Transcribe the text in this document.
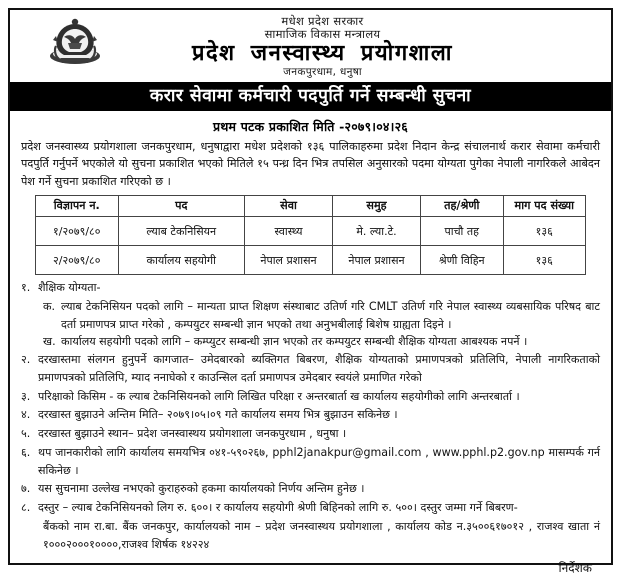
मधेश प्रदेश सरकार
सामाजिक विकास मन्त्रालय
प्रदेश जनस्वास्थ्य प्रयोगशाला
जनकपुरधाम, धनुषा
करार सेवामा कर्मचारी पदपुर्ति गर्ने सम्बन्धी सुचना
प्रथम पटक प्रकाशित मिति -२०७९।०४।२६
प्रदेश जनस्वास्थ्य प्रयोगशाला जनकपुरधाम, धनुषाद्वारा मधेश प्रदेशको १३६ पालिकाहरुमा प्रदेश निदान केन्द्र संचालनार्थ करार सेवामा कर्मचारी पदपुर्ति गर्नुपर्ने भएकोले यो सुचना प्रकाशित भएको मितिले १५ पन्ध्र दिन भित्र तपसिल अनुसारको पदमा योग्यता पुगेका नेपाली नागरिकले आबेदन पेश गर्ने सुचना प्रकाशित गरिएको छ ।
विज्ञापन न.	पद	सेवा	समुह	तह/श्रेणी	माग पद संख्या
१/२०७९/८०	ल्याब टेकनिसियन	स्वास्थ्य	मे. ल्या.टे.	पाचौ तह	१३६
२/२०७९/८०	कार्यालय सहयोगी	नेपाल प्रशासन	नेपाल प्रशासन	श्रेणी विहिन	१३६
१. शैक्षिक योग्यता-
क. ल्याब टेकनिसियन पदको लागि – मान्यता प्राप्त शिक्षण संस्थाबाट उतिर्ण गरि CMLT उतिर्ण गरि नेपाल स्वास्थ्य व्यबसायिक परिषद बाट दर्ता प्रमाणपत्र प्राप्त गरेको , कम्पयुटर सम्बन्धी ज्ञान भएको तथा अनुभबीलाई बिशेष ग्राह्यता दिइने ।
ख. कार्यालय सहयोगी पदको लागि – कम्प्युटर सम्बन्धी ज्ञान भएको तर कम्पयुटर सम्बन्धी शैक्षिक योग्यता आबश्यक नपर्ने ।
२. दरखास्तमा संलगन हुनुपर्ने कागजात– उमेदबारको ब्यक्तिगत बिबरण, शैक्षिक योग्यताको प्रमाणपत्रको प्रतिलिपि, नेपाली नागरिकताको प्रमाणपत्रको प्रतिलिपि, म्याद ननाघेको र काउन्सिल दर्ता प्रमाणपत्र उमेदबार स्वयंले प्रमाणित गरेको
३. परिक्षाको किसिम - क ल्याब टेकनिसियनको लागि लिखित परिक्षा र अन्तरबार्ता ख कार्यालय सहयोगीको लागि अन्तरबार्ता ।
४. दरखास्त बुझाउने अन्तिम मिति– २०७९।०५।०९ गते कार्यालय समय भित्र बुझाउन सकिनेछ ।
५. दरखास्त बुझाउने स्थान– प्रदेश जनस्वास्थय प्रयोगशाला जनकपुरधाम , धनुषा ।
६. थप जानकारीको लागि कार्यालय समयभित्र ०४१-५९०२६७, pphl2janakpur@gmail.com , www.pphl.p2.gov.np मासम्पर्क गर्न सकिनेछ ।
७. यस सुचनामा उल्लेख नभएको कुराहरुको हकमा कार्यालयको निर्णय अन्तिम हुनेछ ।
८. दस्तुर – ल्याब टेकनिसियनको लिग रु. ६००। र कार्यालय सहयोगी श्रेणी बिहिनको लागि रु. ५००। दस्तुर जम्मा गर्ने बिबरण-
बैंकको नाम रा.बा. बैंक जनकपुर, कार्यालयको नाम – प्रदेश जनस्वास्थय प्रयोगशाला , कार्यालय कोड न.३५००६१७०१२ , राजश्व खाता नं १०००२०००१००००,राजश्व शिर्षक १४२२४
निर्देशक
